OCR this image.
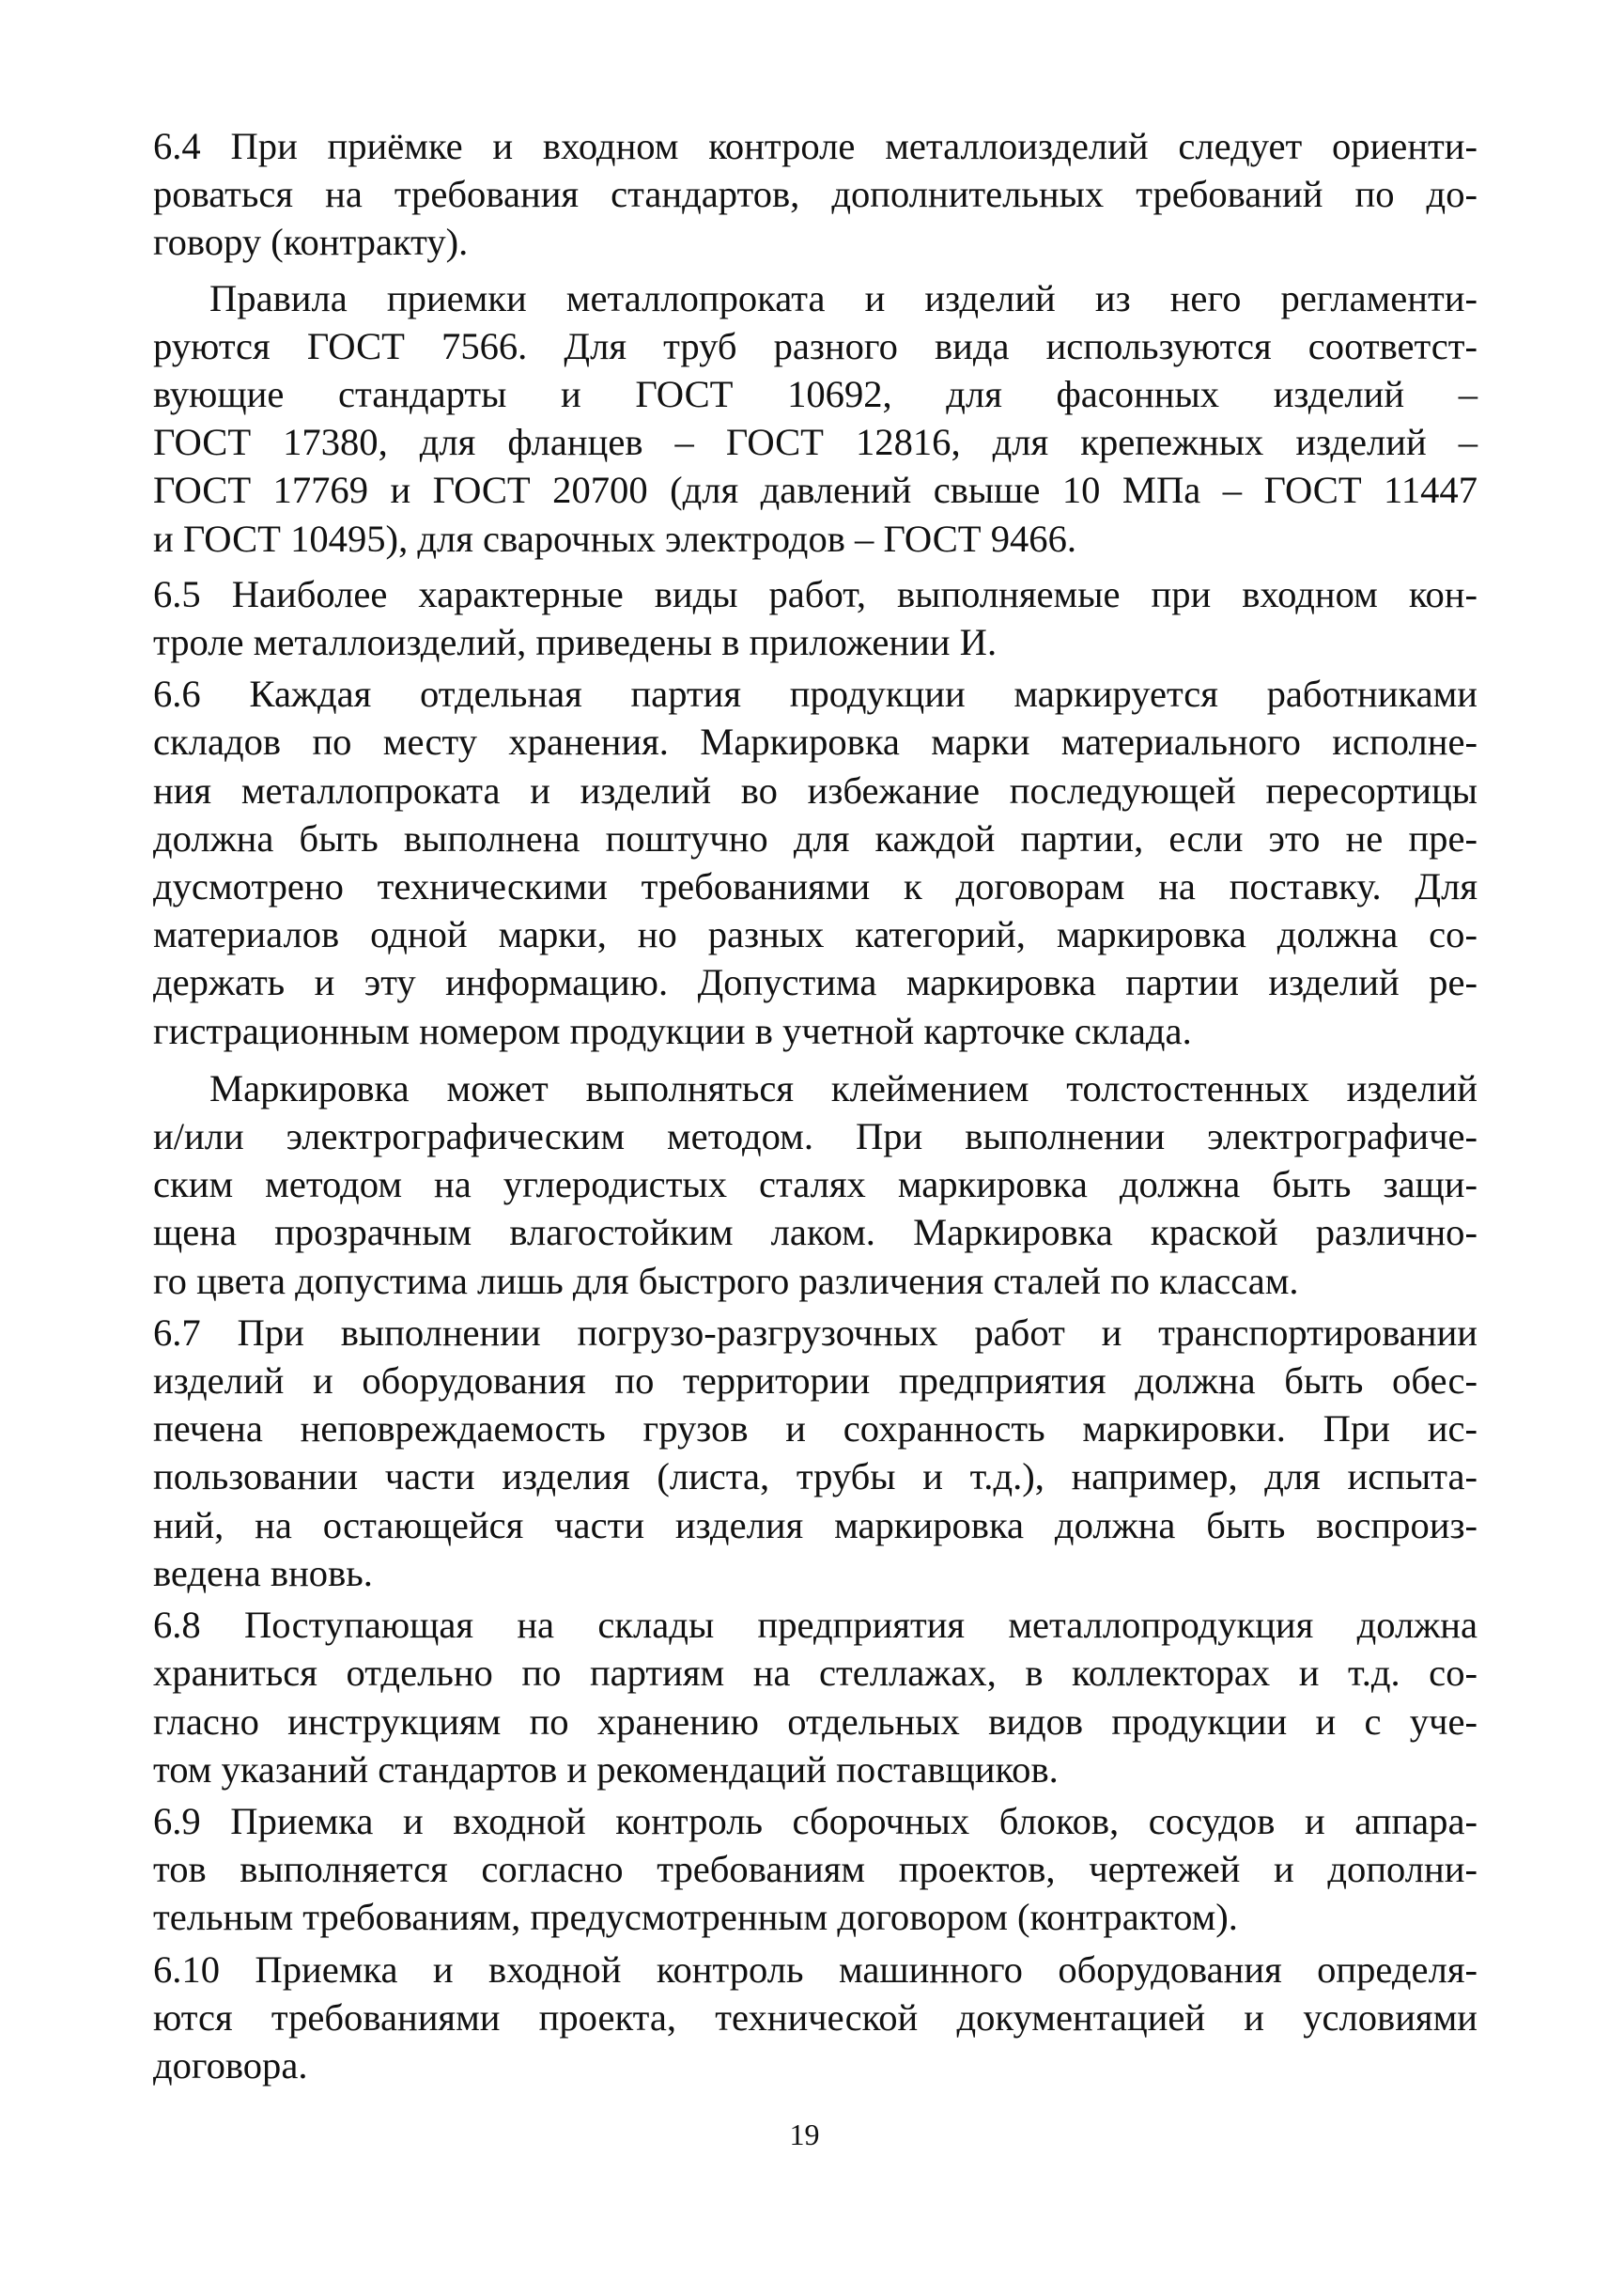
6.4 При приёмке и входном контроле металлоизделий следует ориенти-
роваться на требования стандартов, дополнительных требований по до-
говору (контракту).

Правила приемки металлопроката и изделий из него регламенти-
руются ГОСТ 7566. Для труб разного вида используются соответст-
вующие стандарты и ГОСТ 10692, для фасонных изделий –
ГОСТ 17380, для фланцев – ГОСТ 12816, для крепежных изделий –
ГОСТ 17769 и ГОСТ 20700 (для давлений свыше 10 МПа – ГОСТ 11447
и ГОСТ 10495), для сварочных электродов – ГОСТ 9466.

6.5 Наиболее характерные виды работ, выполняемые при входном кон-
троле металлоизделий, приведены в приложении И.

6.6 Каждая отдельная партия продукции маркируется работниками
складов по месту хранения. Маркировка марки материального исполне-
ния металлопроката и изделий во избежание последующей пересортицы
должна быть выполнена поштучно для каждой партии, если это не пре-
дусмотрено техническими требованиями к договорам на поставку. Для
материалов одной марки, но разных категорий, маркировка должна со-
держать и эту информацию. Допустима маркировка партии изделий ре-
гистрационным номером продукции в учетной карточке склада.

Маркировка может выполняться клеймением толстостенных изделий
и/или электрографическим методом. При выполнении электрографиче-
ским методом на углеродистых сталях маркировка должна быть защи-
щена прозрачным влагостойким лаком. Маркировка краской различно-
го цвета допустима лишь для быстрого различения сталей по классам.

6.7 При выполнении погрузо-разгрузочных работ и транспортировании
изделий и оборудования по территории предприятия должна быть обес-
печена неповреждаемость грузов и сохранность маркировки. При ис-
пользовании части изделия (листа, трубы и т.д.), например, для испыта-
ний, на остающейся части изделия маркировка должна быть воспроиз-
ведена вновь.

6.8 Поступающая на склады предприятия металлопродукция должна
храниться отдельно по партиям на стеллажах, в коллекторах и т.д. со-
гласно инструкциям по хранению отдельных видов продукции и с уче-
том указаний стандартов и рекомендаций поставщиков.

6.9 Приемка и входной контроль сборочных блоков, сосудов и аппара-
тов выполняется согласно требованиям проектов, чертежей и дополни-
тельным требованиям, предусмотренным договором (контрактом).

6.10 Приемка и входной контроль машинного оборудования определя-
ются требованиями проекта, технической документацией и условиями
договора.

19
